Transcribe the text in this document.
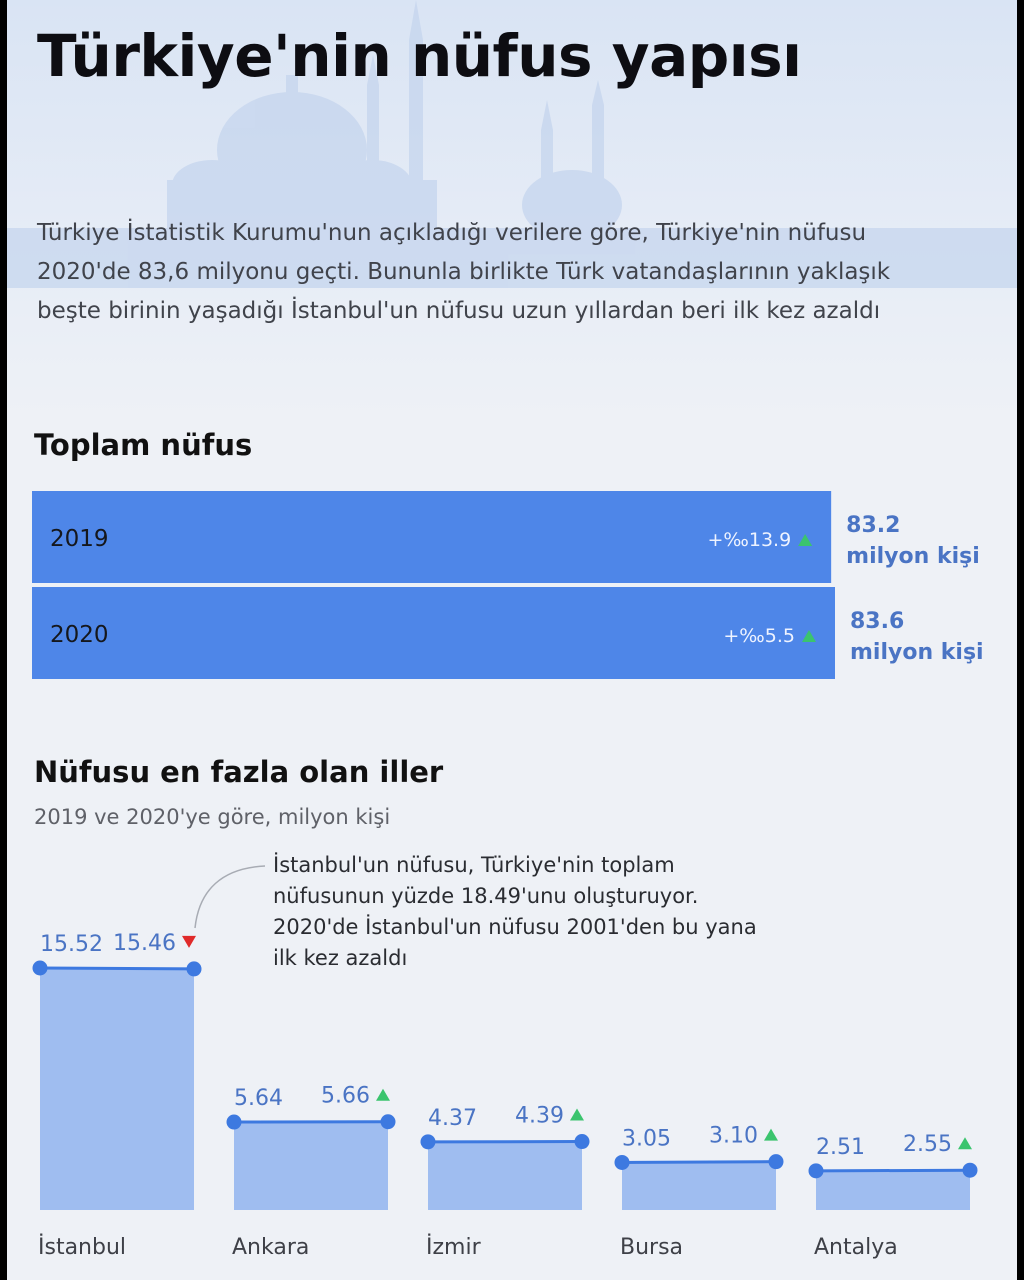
Türkiye'nin nüfus yapısı

Türkiye İstatistik Kurumu'nun açıkladığı verilere göre, Türkiye'nin nüfusu 2020'de 83,6 milyonu geçti. Bununla birlikte Türk vatandaşlarının yaklaşık beşte birinin yaşadığı İstanbul'un nüfusu uzun yıllardan beri ilk kez azaldı

Toplam nüfus
2019	+‰13.9
83.2
milyon kişi
2020	+‰5.5
83.6
milyon kişi
Nüfusu en fazla olan iller
2019 ve 2020'ye göre, milyon kişi
15.52 15.46
İstanbul
5.64 5.66
Ankara
4.37 4.39
İzmir
3.05 3.10
Bursa
2.51 2.55
Antalya

İstanbul'un nüfusu, Türkiye'nin toplam nüfusunun yüzde 18.49'unu oluşturuyor. 2020'de İstanbul'un nüfusu 2001'den bu yana ilk kez azaldı
